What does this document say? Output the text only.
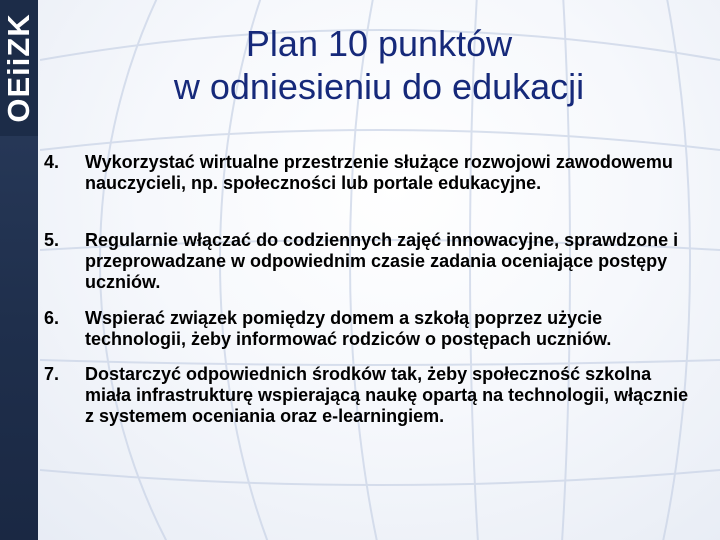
OEiiZK	Plan 10 punktów
w odniesieniu do edukacji
4.	Wykorzystać wirtualne przestrzenie służące rozwojowi zawodowemu nauczycieli, np. społeczności lub portale edukacyjne.
5.	Regularnie włączać do codziennych zajęć innowacyjne, sprawdzone i przeprowadzane w odpowiednim czasie zadania oceniające postępy uczniów.
6.	Wspierać związek pomiędzy domem a szkołą poprzez użycie technologii, żeby informować rodziców o postępach uczniów.
7.	Dostarczyć odpowiednich środków tak, żeby społeczność szkolna miała infrastrukturę wspierającą naukę opartą na technologii, włącznie z systemem oceniania oraz e-learningiem.
